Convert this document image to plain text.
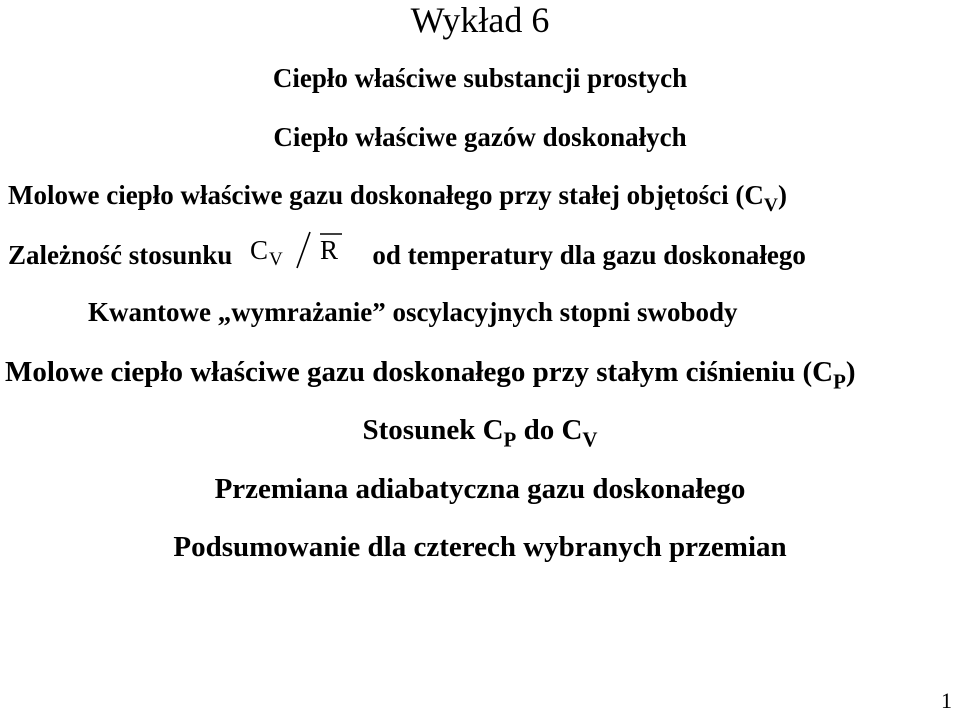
Wykład 6
Ciepło właściwe substancji prostych
Ciepło właściwe gazów doskonałych
Molowe ciepło właściwe gazu doskonałego przy stałej objętości $(C_V)$
Zależność stosunku C V R od temperatury dla gazu doskonałego
Kwantowe „wymrażanie” oscylacyjnych stopni swobody
Molowe ciepło właściwe gazu doskonałego przy stałym ciśnieniu $(C_P)$
Stosunek $C_P$ do $C_V$
Przemiana adiabatyczna gazu doskonałego
Podsumowanie dla czterech wybranych przemian
1
